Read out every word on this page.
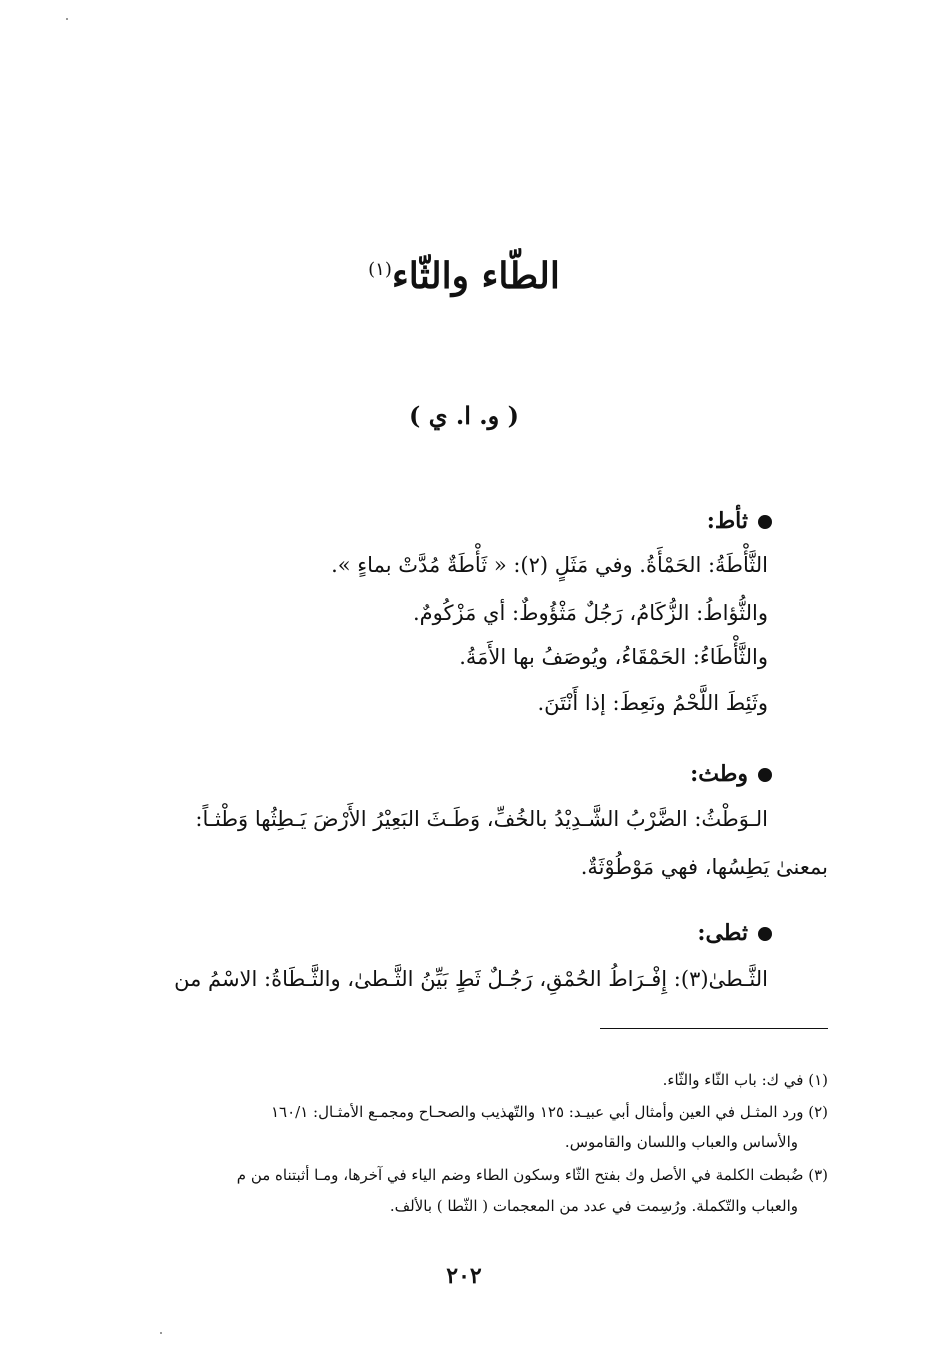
الطّاء والثّاء$^{(١)}$
( و. ا. ي )

ثأط:

الثَّأْطَةُ: الحَمْأَةُ. وفي مَثَلٍ (٢): « ثَأْطَةٌ مُدَّتْ بماءٍ ».

والثُّؤاطُ: الزُّكَامُ، رَجُلٌ مَثْؤُوطٌ: أي مَزْكُومٌ.

والثَّأْطَاءُ: الحَمْقَاءُ، ويُوصَفُ بها الأَمَةُ.

وثَئِطَ اللَّحْمُ ونَعِطَ: إذا أَنْتَنَ.

وطث:

الـوَطْثُ: الضَّرْبُ الشَّـدِيْدُ بالخُفِّ، وَطَـثَ البَعِيْرُ الأَرْضَ يَـطِثُها وَطْثـاً:

بمعنىٰ يَطِسُها، فهي مَوْطُوْثَةٌ.

ثطى:

الثَّـطىٰ(٣): إِفْـرَاطُ الحُمْقِ، رَجُـلٌ ثَطٍ بَيِّنُ الثَّـطىٰ، والثَّـطَاةُ: الاسْمُ من

(١) في ك: باب الثّاء والثّاء.

(٢) ورد المثـل في العين وأمثال أبي عبيـد: ١٢٥ والتّهذيب والصحـاح ومجمـع الأمثـال: ١٦٠/١

والأساس والعباب واللسان والقاموس.

(٣) ضُبطت الكلمة في الأصل وك بفتح الثّاء وسكون الطاء وضم الياء في آخرها، ومـا أثبتناه من م

والعباب والتّكملة. ورُسِمت في عدد من المعجمات ( الثّطا ) بالألف.

٢٠٢
